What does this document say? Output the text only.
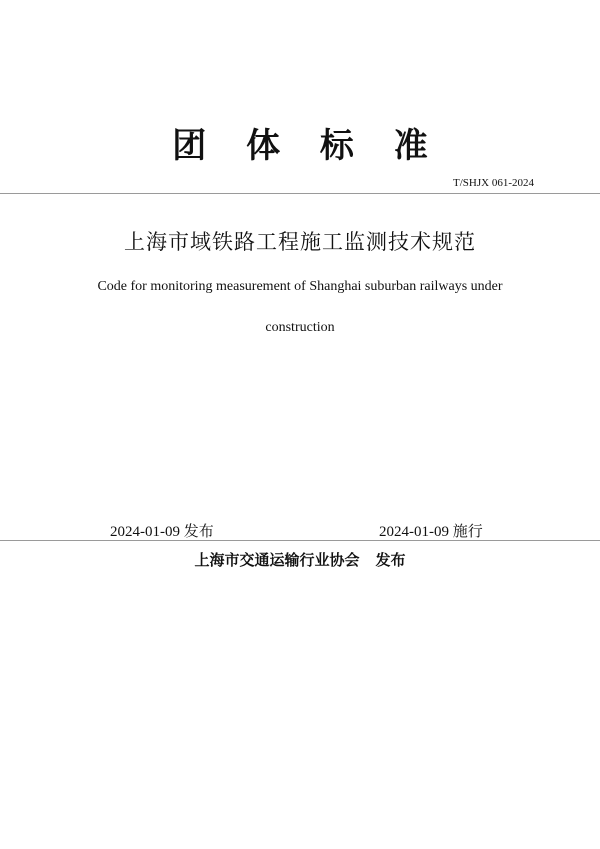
团 体 标 准
T/SHJX 061-2024
上海市域铁路工程施工监测技术规范
Code for monitoring measurement of Shanghai suburban railways under
construction
2024-01-09 发布	2024-01-09 施行
上海市交通运输行业协会 发布
